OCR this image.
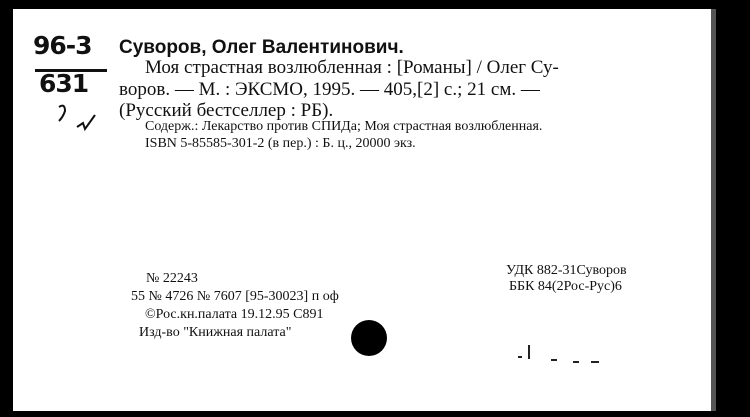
96-3
631
Суворов, Олег Валентинович.
Моя страстная возлюбленная : [Романы] / Олег Су-
воров. — М. : ЭКСМО, 1995. — 405,[2] с.; 21 см. —
(Русский бестселлер : РБ).
Содерж.: Лекарство против СПИДа; Моя страстная возлюбленная.
ISBN 5-85585-301-2 (в пер.) : Б. ц., 20000 экз.
№ 22243
55 № 4726 № 7607 [95-30023] п оф
©Рос.кн.палата 19.12.95 C891
Изд-во "Книжная палата"
УДК 882-31Суворов
ББК 84(2Рос-Рус)6
